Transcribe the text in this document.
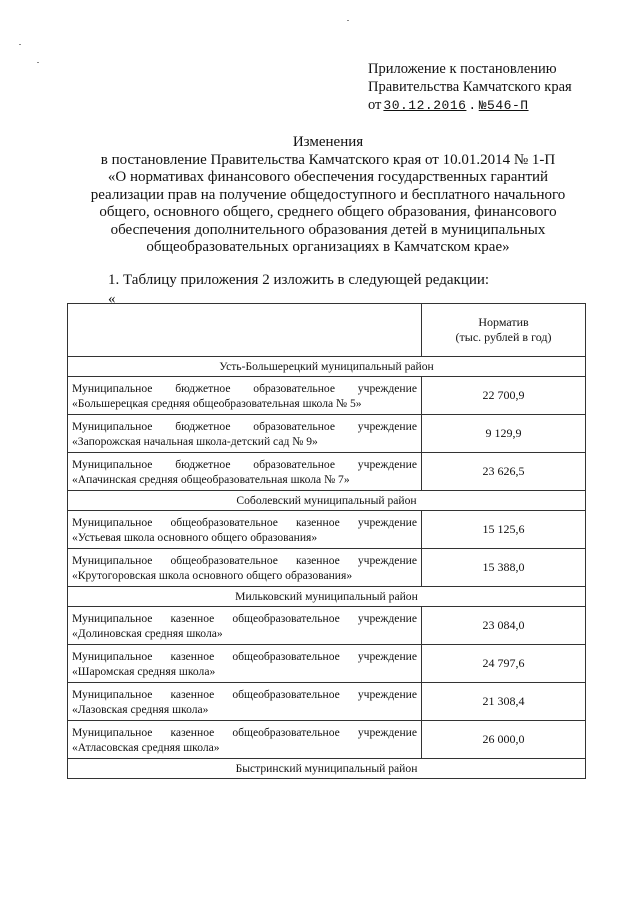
Приложение к постановлению
Правительства Камчатского края
от 30.12.2016 . №546-П
Изменения
в постановление Правительства Камчатского края от 10.01.2014 № 1-П
«О нормативах финансового обеспечения государственных гарантий
реализации прав на получение общедоступного и бесплатного начального
общего, основного общего, среднего общего образования, финансового
обеспечения дополнительного образования детей в муниципальных
общеобразовательных организациях в Камчатском крае»
1. Таблицу приложения 2 изложить в следующей редакции:
«

	Норматив
(тыс. рублей в год)

Усть-Большерецкий муниципальный район	
Муниципальное бюджетное образовательное учреждение
«Большерецкая средняя общеобразовательная школа № 5»	22 700,9
Муниципальное бюджетное образовательное учреждение
«Запорожская начальная школа-детский сад № 9»	9 129,9
Муниципальное бюджетное образовательное учреждение
«Апачинская средняя общеобразовательная школа № 7»	23 626,5
Соболевский муниципальный район	
Муниципальное общеобразовательное казенное учреждение
«Устьевая школа основного общего образования»	15 125,6
Муниципальное общеобразовательное казенное учреждение
«Крутогоровская школа основного общего образования»	15 388,0
Мильковский муниципальный район	
Муниципальное казенное общеобразовательное учреждение
«Долиновская средняя школа»	23 084,0
Муниципальное казенное общеобразовательное учреждение
«Шаромская средняя школа»	24 797,6
Муниципальное казенное общеобразовательное учреждение
«Лазовская средняя школа»	21 308,4
Муниципальное казенное общеобразовательное учреждение
«Атласовская средняя школа»	26 000,0
Быстринский муниципальный район	
